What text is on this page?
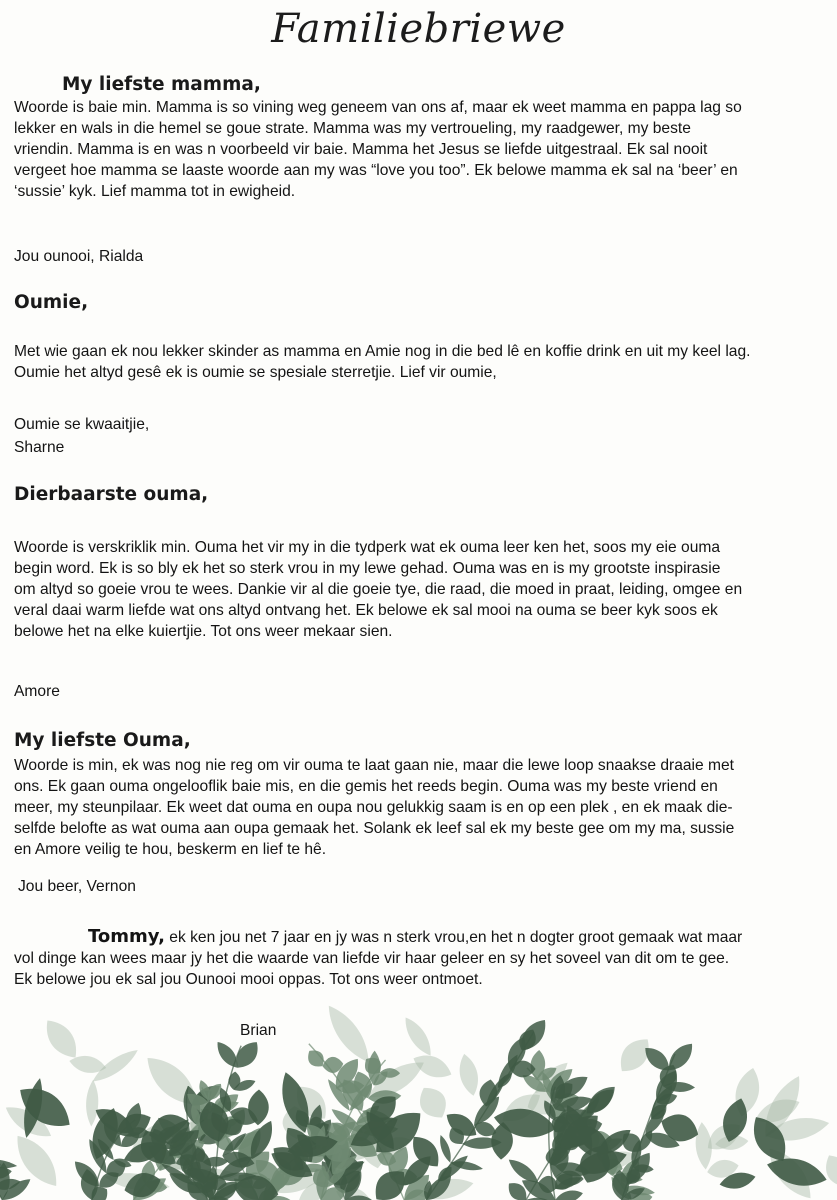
Familiebriewe
My liefste mamma,
Woorde is baie min. Mamma is so vining weg geneem van ons af, maar ek weet mamma en pappa lag so
lekker en wals in die hemel se goue strate. Mamma was my vertroueling, my raadgewer, my beste
vriendin. Mamma is en was n voorbeeld vir baie. Mamma het Jesus se liefde uitgestraal. Ek sal nooit
vergeet hoe mamma se laaste woorde aan my was “love you too”. Ek belowe mamma ek sal na ‘beer’ en
‘sussie’ kyk. Lief mamma tot in ewigheid.

Jou ounooi, Rialda

Oumie,
Met wie gaan ek nou lekker skinder as mamma en Amie nog in die bed lê en koffie drink en uit my keel lag.
Oumie het altyd gesê ek is oumie se spesiale sterretjie. Lief vir oumie,

Oumie se kwaaitjie,

Sharne

Dierbaarste ouma,
Woorde is verskriklik min. Ouma het vir my in die tydperk wat ek ouma leer ken het, soos my eie ouma
begin word. Ek is so bly ek het so sterk vrou in my lewe gehad. Ouma was en is my grootste inspirasie
om altyd so goeie vrou te wees. Dankie vir al die goeie tye, die raad, die moed in praat, leiding, omgee en
veral daai warm liefde wat ons altyd ontvang het. Ek belowe ek sal mooi na ouma se beer kyk soos ek
belowe het na elke kuiertjie. Tot ons weer mekaar sien.

Amore

My liefste Ouma,
Woorde is min, ek was nog nie reg om vir ouma te laat gaan nie, maar die lewe loop snaakse draaie met
ons. Ek gaan ouma ongelooflik baie mis, en die gemis het reeds begin. Ouma was my beste vriend en
meer, my steunpilaar. Ek weet dat ouma en oupa nou gelukkig saam is en op een plek , en ek maak die-
selfde belofte as wat ouma aan oupa gemaak het. Solank ek leef sal ek my beste gee om my ma, sussie
en Amore veilig te hou, beskerm en lief te hê.

Jou beer, Vernon

Tommy, ek ken jou net 7 jaar en jy was n sterk vrou,en het n dogter groot gemaak wat maar
vol dinge kan wees maar jy het die waarde van liefde vir haar geleer en sy het soveel van dit om te gee.
Ek belowe jou ek sal jou Ounooi mooi oppas. Tot ons weer ontmoet.

Brian
